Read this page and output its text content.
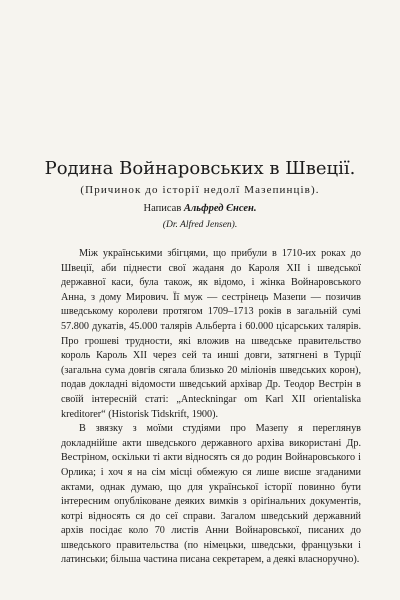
Родина Войнаровських в Швеції.
(Причинок до історії недолї Мазепинців).
Написав Альфред Єнсен.
(Dr. Alfred Jensen).

Між українськими збігцями, що прибули в 1710-их роках до Швеції, аби піднести свої жаданя до Кароля XII і шведської державної каси, була також, як відомо, і жінка Войнаровського Анна, з дому Мирович. Її муж — сестрінець Мазепи — позичив шведському королеви протягом 1709–1713 років в загальній сумі 57.800 дукатів, 45.000 талярів Альберта і 60.000 цісарських талярів. Про грошеві трудности, які вложив на шведське правительство король Кароль XII через сей та инші довги, затягнені в Турції (загальна сума довгів сягала близько 20 міліонів шведських корон), подав докладні відомости шведський архівар Др. Теодор Вестрін в своїй інтересній статі: „Anteckningar om Karl XII orientaliska kreditorer“ (Historisk Tidskrift, 1900).

В звязку з моїми студіями про Мазепу я переглянув докладнійше акти шведського державного архіва використані Др. Вестріном, оскільки ті акти відносять ся до родин Войнаровського і Орлика; і хоч я на сім місці обмежую ся лише висше згаданими актами, однак думаю, що для української історії повинно бути інтересним опубліковане деяких вимків з оріґінальних документів, котрі відносять ся до сеї справи. Загалом шведський державний архів посідає коло 70 листів Анни Войнаровської, писаних до шведського правительства (по німецьки, шведськи, французьки і латинськи; більша частина писана секретарем, а деякі власноручно).
